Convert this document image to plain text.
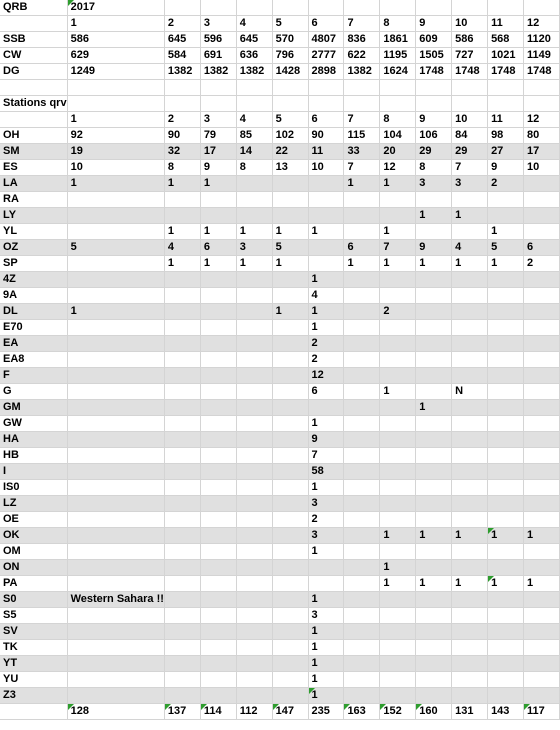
QRB	2017											
	1	2	3	4	5	6	7	8	9	10	11	12
SSB	586	645	596	645	570	4807	836	1861	609	586	568	1120
CW	629	584	691	636	796	2777	622	1195	1505	727	1021	1149
DG	1249	1382	1382	1382	1428	2898	1382	1624	1748	1748	1748	1748

Stations qrv												
	1	2	3	4	5	6	7	8	9	10	11	12
OH	92	90	79	85	102	90	115	104	106	84	98	80
SM	19	32	17	14	22	11	33	20	29	29	27	17
ES	10	8	9	8	13	10	7	12	8	7	9	10
LA	1	1	1				1	1	3	3	2	
RA												
LY									1	1		
YL		1	1	1	1	1		1			1	
OZ	5	4	6	3	5		6	7	9	4	5	6
SP		1	1	1	1		1	1	1	1	1	2
4Z						1						
9A						4						
DL	1				1	1		2				
E70						1						
EA						2						
EA8						2						
F						12						
G						6		1		N		
GM									1			
GW						1						
HA						9						
HB						7						
I						58						
IS0						1						
LZ						3						
OE						2						
OK						3		1	1	1	1	1
OM						1						
ON								1				
PA								1	1	1	1	1
S0	Western Sahara !!					1						
S5						3						
SV						1						
TK						1						
YT						1						
YU						1						
Z3						1						
	128	137	114	112	147	235	163	152	160	131	143	117
